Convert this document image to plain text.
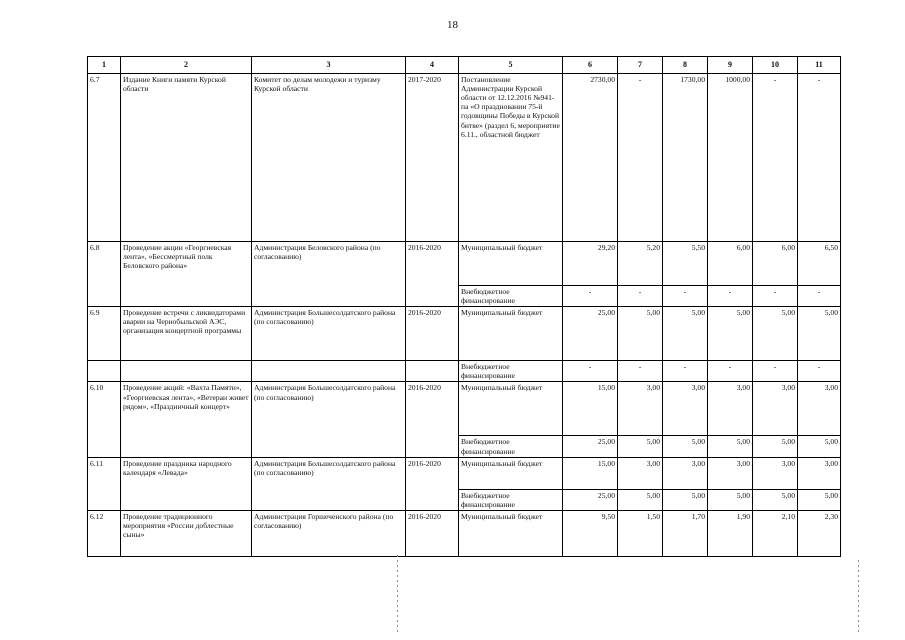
18
1	2	3	4	5	6	7	8	9	10	11
6.7	Издание Книги памяти Курской области	Комитет по делам молодежи и туризму Курской области	2017-2020	Постановление Администрации Курской области от 12.12.2016 №941-па «О праздновании 75-й годовщины Победы в Курской битве» (раздел 6, мероприятие 6.11., областной бюджет	2730,00	-	1730,00	1000,00	-	-
6.8	Проведение акции «Георгиевская лента», «Бессмертный полк Беловского района»	Администрация Беловского района (по согласованию)	2016-2020	Муниципальный бюджет	29,20	5,20	5,50	6,00	6,00	6,50
				Внебюджетное финансирование	-	-	-	-	-	-
6.9	Проведение встречи с ликвидаторами аварии на Чернобыльской АЭС, организация концертной программы	Администрация Большесолдатского района (по согласованию)	2016-2020	Муниципальный бюджет	25,00	5,00	5,00	5,00	5,00	5,00
				Внебюджетное финансирование	-	-	-	-	-	-
6.10	Проведение акций: «Вахта Памяти», «Георгиевская лента», «Ветеран живет рядом», «Праздничный концерт»	Администрация Большесолдатского района (по согласованию)	2016-2020	Муниципальный бюджет	15,00	3,00	3,00	3,00	3,00	3,00
				Внебюджетное финансирование	25,00	5,00	5,00	5,00	5,00	5,00
6.11	Проведение праздника народного календаря «Левада»	Администрация Большесолдатского района (по согласованию)	2016-2020	Муниципальный бюджет	15,00	3,00	3,00	3,00	3,00	3,00
				Внебюджетное финансирование	25,00	5,00	5,00	5,00	5,00	5,00
6.12	Проведение традиционного мероприятия «России доблестные сыны»	Администрация Горшеченского района (по согласованию)	2016-2020	Муниципальный бюджет	9,50	1,50	1,70	1,90	2,10	2,30
